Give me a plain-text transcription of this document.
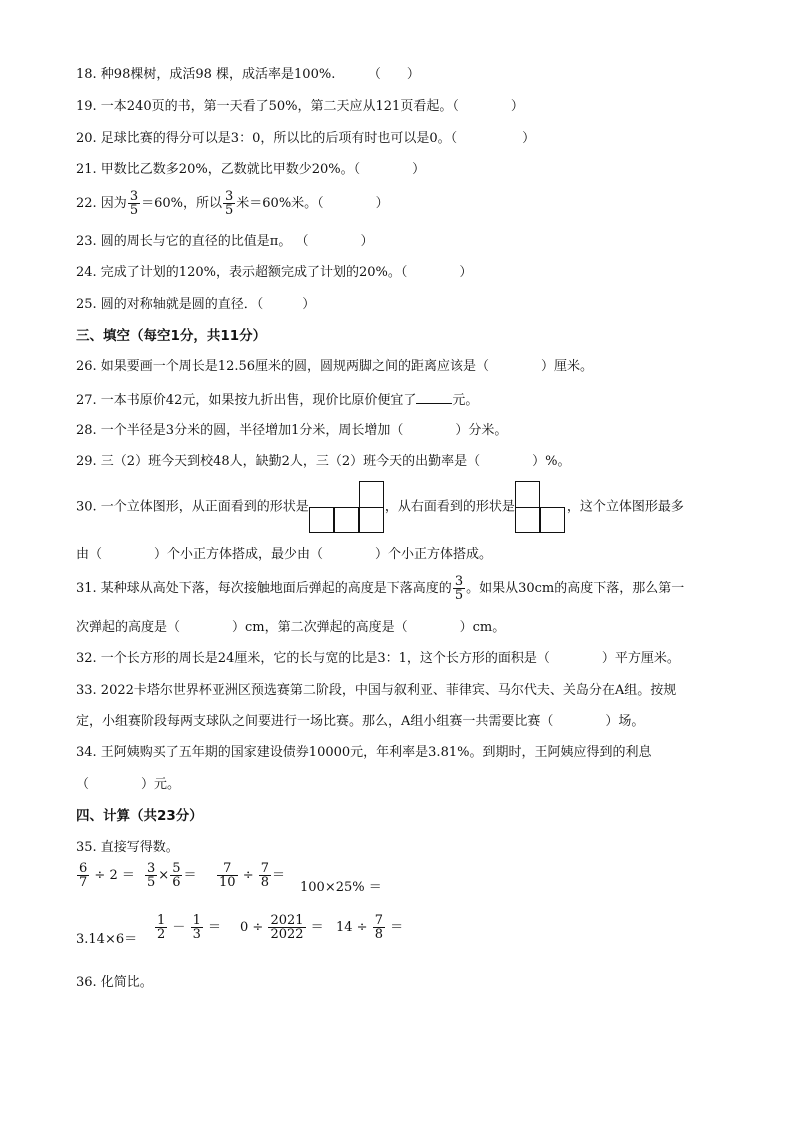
18. 种98棵树，成活98 棵，成活率是100%.　　　（　　）
19. 一本240页的书，第一天看了50%，第二天应从121页看起。（　　　　）
20. 足球比赛的得分可以是3：0，所以比的后项有时也可以是0。（　　　　　）
21. 甲数比乙数多20%，乙数就比甲数少20%。（　　　　）
22. 因为 $\frac{3}{5} =60\%$，所以 $\frac{3}{5}$ 米＝60%米。（　　　　）
23. 圆的周长与它的直径的比值是π。 （　　　　）
24. 完成了计划的120%，表示超额完成了计划的20%。（　　　　）
25. 圆的对称轴就是圆的直径．（　　　）
三、填空（每空1分，共11分）
26. 如果要画一个周长是12.56厘米的圆，圆规两脚之间的距离应该是（　　　　）厘米。
27. 一本书原价42元，如果按九折出售，现价比原价便宜了	元。
28. 一个半径是3分米的圆，半径增加1分米，周长增加（　　　　）分米。
29. 三（2）班今天到校48人，缺勤2人，三（2）班今天的出勤率是（　　　　）%。
30. 一个立体图形，从正面看到的形状是	，从右面看到的形状是	，这个立体图形最多
由（　　　　）个小正方体搭成，最少由（　　　　）个小正方体搭成。
31. 某种球从高处下落，每次接触地面后弹起的高度是下落高度的 $\frac{3}{5}$ 。如果从30cm的高度下落，那么第一
次弹起的高度是（　　　　）cm，第二次弹起的高度是（　　　　）cm。
32. 一个长方形的周长是24厘米，它的长与宽的比是3：1，这个长方形的面积是（　　　　）平方厘米。
33. 2022卡塔尔世界杯亚洲区预选赛第二阶段，中国与叙利亚、菲律宾、马尔代夫、关岛分在A组。按规
定，小组赛阶段每两支球队之间要进行一场比赛。那么，A组小组赛一共需要比赛（　　　　）场。
34. 王阿姨购买了五年期的国家建设债券10000元，年利率是3.81%。到期时，王阿姨应得到的利息
（　　　　）元。
四、计算（共23分）
35. 直接写得数。
$\frac{6}{7} \div 2 = \frac{3}{5} \times \frac{5}{6} = \frac{7}{10} \div \frac{7}{8}$ ＝
100×25% ＝
$3.14\times 6= \frac{1}{2} - \frac{1}{3} = 0 \div \frac{2021}{2022} = 14 \div \frac{7}{8}$ ＝
36. 化简比。
